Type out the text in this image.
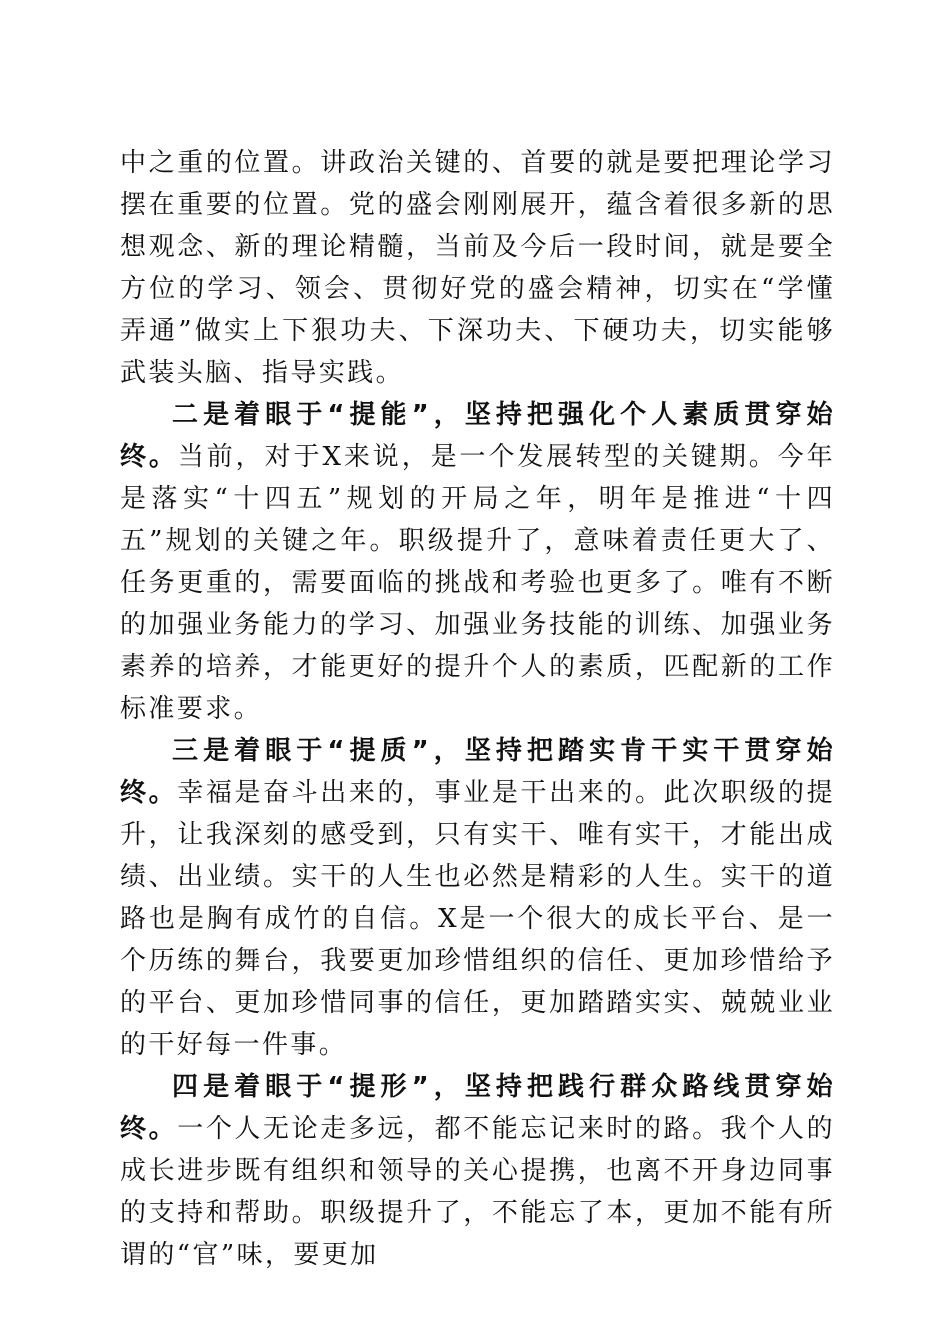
中之重的位置。讲政治关键的、首要的就是要把理论学习摆在重要的位置。党的盛会刚刚展开，蕴含着很多新的思想观念、新的理论精髓，当前及今后一段时间，就是要全方位的学习、领会、贯彻好党的盛会精神，切实在“学懂弄通”做实上下狠功夫、下深功夫、下硬功夫，切实能够武装头脑、指导实践。

二是着眼于“提能”，坚持把强化个人素质贯穿始终。当前，对于X来说，是一个发展转型的关键期。今年是落实“十四五”规划的开局之年，明年是推进“十四五”规划的关键之年。职级提升了，意味着责任更大了、任务更重的，需要面临的挑战和考验也更多了。唯有不断的加强业务能力的学习、加强业务技能的训练、加强业务素养的培养，才能更好的提升个人的素质，匹配新的工作标准要求。

三是着眼于“提质”，坚持把踏实肯干实干贯穿始终。幸福是奋斗出来的，事业是干出来的。此次职级的提升，让我深刻的感受到，只有实干、唯有实干，才能出成绩、出业绩。实干的人生也必然是精彩的人生。实干的道路也是胸有成竹的自信。X是一个很大的成长平台、是一个历练的舞台，我要更加珍惜组织的信任、更加珍惜给予的平台、更加珍惜同事的信任，更加踏踏实实、兢兢业业的干好每一件事。

四是着眼于“提形”，坚持把践行群众路线贯穿始终。一个人无论走多远，都不能忘记来时的路。我个人的成长进步既有组织和领导的关心提携，也离不开身边同事的支持和帮助。职级提升了，不能忘了本，更加不能有所谓的“官”味，要更加
